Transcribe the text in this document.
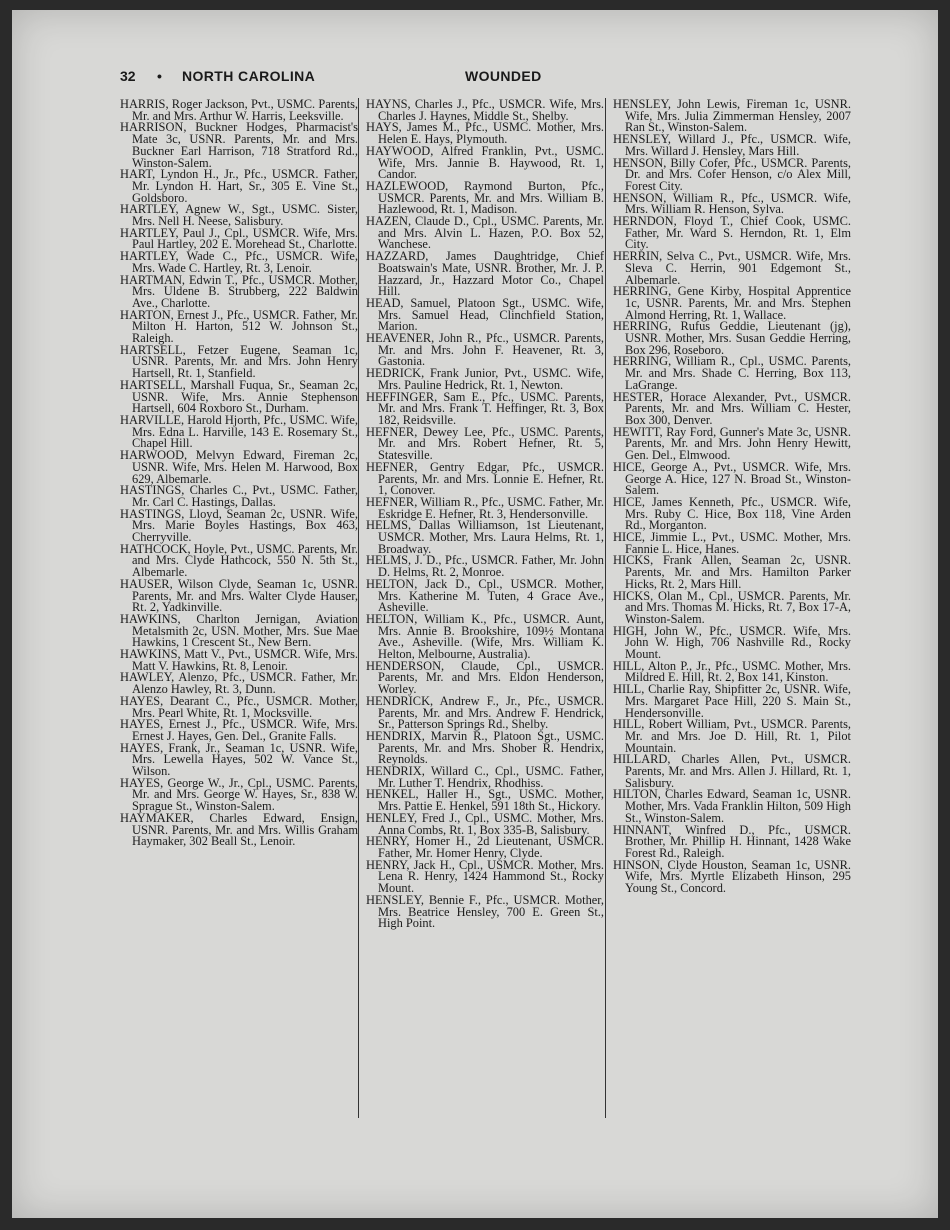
32 • NORTH CAROLINA	WOUNDED

HARRIS, Roger Jackson, Pvt., USMC. Parents, Mr. and Mrs. Arthur W. Harris, Leeksville.

HARRISON, Buckner Hodges, Pharmacist's Mate 3c, USNR. Parents, Mr. and Mrs. Buckner Earl Harrison, 718 Stratford Rd., Winston-Salem.

HART, Lyndon H., Jr., Pfc., USMCR. Father, Mr. Lyndon H. Hart, Sr., 305 E. Vine St., Goldsboro.

HARTLEY, Agnew W., Sgt., USMC. Sister, Mrs. Nell H. Neese, Salisbury.

HARTLEY, Paul J., Cpl., USMCR. Wife, Mrs. Paul Hartley, 202 E. Morehead St., Charlotte.

HARTLEY, Wade C., Pfc., USMCR. Wife, Mrs. Wade C. Hartley, Rt. 3, Lenoir.

HARTMAN, Edwin T., Pfc., USMCR. Mother, Mrs. Uldene B. Strubberg, 222 Baldwin Ave., Charlotte.

HARTON, Ernest J., Pfc., USMCR. Father, Mr. Milton H. Harton, 512 W. Johnson St., Raleigh.

HARTSELL, Fetzer Eugene, Seaman 1c, USNR. Parents, Mr. and Mrs. John Henry Hartsell, Rt. 1, Stanfield.

HARTSELL, Marshall Fuqua, Sr., Seaman 2c, USNR. Wife, Mrs. Annie Stephenson Hartsell, 604 Roxboro St., Durham.

HARVILLE, Harold Hjorth, Pfc., USMC. Wife, Mrs. Edna L. Harville, 143 E. Rosemary St., Chapel Hill.

HARWOOD, Melvyn Edward, Fireman 2c, USNR. Wife, Mrs. Helen M. Harwood, Box 629, Albemarle.

HASTINGS, Charles C., Pvt., USMC. Father, Mr. Carl C. Hastings, Dallas.

HASTINGS, Lloyd, Seaman 2c, USNR. Wife, Mrs. Marie Boyles Hastings, Box 463, Cherryville.

HATHCOCK, Hoyle, Pvt., USMC. Parents, Mr. and Mrs. Clyde Hathcock, 550 N. 5th St., Albemarle.

HAUSER, Wilson Clyde, Seaman 1c, USNR. Parents, Mr. and Mrs. Walter Clyde Hauser, Rt. 2, Yadkinville.

HAWKINS, Charlton Jernigan, Aviation Metalsmith 2c, USN. Mother, Mrs. Sue Mae Hawkins, 1 Crescent St., New Bern.

HAWKINS, Matt V., Pvt., USMCR. Wife, Mrs. Matt V. Hawkins, Rt. 8, Lenoir.

HAWLEY, Alenzo, Pfc., USMCR. Father, Mr. Alenzo Hawley, Rt. 3, Dunn.

HAYES, Dearant C., Pfc., USMCR. Mother, Mrs. Pearl White, Rt. 1, Mocksville.

HAYES, Ernest J., Pfc., USMCR. Wife, Mrs. Ernest J. Hayes, Gen. Del., Granite Falls.

HAYES, Frank, Jr., Seaman 1c, USNR. Wife, Mrs. Lewella Hayes, 502 W. Vance St., Wilson.

HAYES, George W., Jr., Cpl., USMC. Parents, Mr. and Mrs. George W. Hayes, Sr., 838 W. Sprague St., Winston-Salem.

HAYMAKER, Charles Edward, Ensign, USNR. Parents, Mr. and Mrs. Willis Graham Haymaker, 302 Beall St., Lenoir.

HAYNS, Charles J., Pfc., USMCR. Wife, Mrs. Charles J. Haynes, Middle St., Shelby.

HAYS, James M., Pfc., USMC. Mother, Mrs. Helen E. Hays, Plymouth.

HAYWOOD, Alfred Franklin, Pvt., USMC. Wife, Mrs. Jannie B. Haywood, Rt. 1, Candor.

HAZLEWOOD, Raymond Burton, Pfc., USMCR. Parents, Mr. and Mrs. William B. Hazlewood, Rt. 1, Madison.

HAZEN, Claude D., Cpl., USMC. Parents, Mr. and Mrs. Alvin L. Hazen, P.O. Box 52, Wanchese.

HAZZARD, James Daughtridge, Chief Boatswain's Mate, USNR. Brother, Mr. J. P. Hazzard, Jr., Hazzard Motor Co., Chapel Hill.

HEAD, Samuel, Platoon Sgt., USMC. Wife, Mrs. Samuel Head, Clinchfield Station, Marion.

HEAVENER, John R., Pfc., USMCR. Parents, Mr. and Mrs. John F. Heavener, Rt. 3, Gastonia.

HEDRICK, Frank Junior, Pvt., USMC. Wife, Mrs. Pauline Hedrick, Rt. 1, Newton.

HEFFINGER, Sam E., Pfc., USMC. Parents, Mr. and Mrs. Frank T. Heffinger, Rt. 3, Box 182, Reidsville.

HEFNER, Dewey Lee, Pfc., USMC. Parents, Mr. and Mrs. Robert Hefner, Rt. 5, Statesville.

HEFNER, Gentry Edgar, Pfc., USMCR. Parents, Mr. and Mrs. Lonnie E. Hefner, Rt. 1, Conover.

HEFNER, William R., Pfc., USMC. Father, Mr. Eskridge E. Hefner, Rt. 3, Hendersonville.

HELMS, Dallas Williamson, 1st Lieutenant, USMCR. Mother, Mrs. Laura Helms, Rt. 1, Broadway.

HELMS, J. D., Pfc., USMCR. Father, Mr. John D. Helms, Rt. 2, Monroe.

HELTON, Jack D., Cpl., USMCR. Mother, Mrs. Katherine M. Tuten, 4 Grace Ave., Asheville.

HELTON, William K., Pfc., USMCR. Aunt, Mrs. Annie B. Brookshire, 109½ Montana Ave., Asheville. (Wife, Mrs. William K. Helton, Melbourne, Australia).

HENDERSON, Claude, Cpl., USMCR. Parents, Mr. and Mrs. Eldon Henderson, Worley.

HENDRICK, Andrew F., Jr., Pfc., USMCR. Parents, Mr. and Mrs. Andrew F. Hendrick, Sr., Patterson Springs Rd., Shelby.

HENDRIX, Marvin R., Platoon Sgt., USMC. Parents, Mr. and Mrs. Shober R. Hendrix, Reynolds.

HENDRIX, Willard C., Cpl., USMC. Father, Mr. Luther T. Hendrix, Rhodhiss.

HENKEL, Haller H., Sgt., USMC. Mother, Mrs. Pattie E. Henkel, 591 18th St., Hickory.

HENLEY, Fred J., Cpl., USMC. Mother, Mrs. Anna Combs, Rt. 1, Box 335-B, Salisbury.

HENRY, Homer H., 2d Lieutenant, USMCR. Father, Mr. Homer Henry, Clyde.

HENRY, Jack H., Cpl., USMCR. Mother, Mrs. Lena R. Henry, 1424 Hammond St., Rocky Mount.

HENSLEY, Bennie F., Pfc., USMCR. Mother, Mrs. Beatrice Hensley, 700 E. Green St., High Point.

HENSLEY, John Lewis, Fireman 1c, USNR. Wife, Mrs. Julia Zimmerman Hensley, 2007 Ran St., Winston-Salem.

HENSLEY, Willard J., Pfc., USMCR. Wife, Mrs. Willard J. Hensley, Mars Hill.

HENSON, Billy Cofer, Pfc., USMCR. Parents, Dr. and Mrs. Cofer Henson, c/o Alex Mill, Forest City.

HENSON, William R., Pfc., USMCR. Wife, Mrs. William R. Henson, Sylva.

HERNDON, Floyd T., Chief Cook, USMC. Father, Mr. Ward S. Herndon, Rt. 1, Elm City.

HERRIN, Selva C., Pvt., USMCR. Wife, Mrs. Sleva C. Herrin, 901 Edgemont St., Albemarle.

HERRING, Gene Kirby, Hospital Apprentice 1c, USNR. Parents, Mr. and Mrs. Stephen Almond Herring, Rt. 1, Wallace.

HERRING, Rufus Geddie, Lieutenant (jg), USNR. Mother, Mrs. Susan Geddie Herring, Box 296, Roseboro.

HERRING, William R., Cpl., USMC. Parents, Mr. and Mrs. Shade C. Herring, Box 113, LaGrange.

HESTER, Horace Alexander, Pvt., USMCR. Parents, Mr. and Mrs. William C. Hester, Box 300, Denver.

HEWITT, Ray Ford, Gunner's Mate 3c, USNR. Parents, Mr. and Mrs. John Henry Hewitt, Gen. Del., Elmwood.

HICE, George A., Pvt., USMCR. Wife, Mrs. George A. Hice, 127 N. Broad St., Winston-Salem.

HICE, James Kenneth, Pfc., USMCR. Wife, Mrs. Ruby C. Hice, Box 118, Vine Arden Rd., Morganton.

HICE, Jimmie L., Pvt., USMC. Mother, Mrs. Fannie L. Hice, Hanes.

HICKS, Frank Allen, Seaman 2c, USNR. Parents, Mr. and Mrs. Hamilton Parker Hicks, Rt. 2, Mars Hill.

HICKS, Olan M., Cpl., USMCR. Parents, Mr. and Mrs. Thomas M. Hicks, Rt. 7, Box 17-A, Winston-Salem.

HIGH, John W., Pfc., USMCR. Wife, Mrs. John W. High, 706 Nashville Rd., Rocky Mount.

HILL, Alton P., Jr., Pfc., USMC. Mother, Mrs. Mildred E. Hill, Rt. 2, Box 141, Kinston.

HILL, Charlie Ray, Shipfitter 2c, USNR. Wife, Mrs. Margaret Pace Hill, 220 S. Main St., Hendersonville.

HILL, Robert William, Pvt., USMCR. Parents, Mr. and Mrs. Joe D. Hill, Rt. 1, Pilot Mountain.

HILLARD, Charles Allen, Pvt., USMCR. Parents, Mr. and Mrs. Allen J. Hillard, Rt. 1, Salisbury.

HILTON, Charles Edward, Seaman 1c, USNR. Mother, Mrs. Vada Franklin Hilton, 509 High St., Winston-Salem.

HINNANT, Winfred D., Pfc., USMCR. Brother, Mr. Phillip H. Hinnant, 1428 Wake Forest Rd., Raleigh.

HINSON, Clyde Houston, Seaman 1c, USNR. Wife, Mrs. Myrtle Elizabeth Hinson, 295 Young St., Concord.
